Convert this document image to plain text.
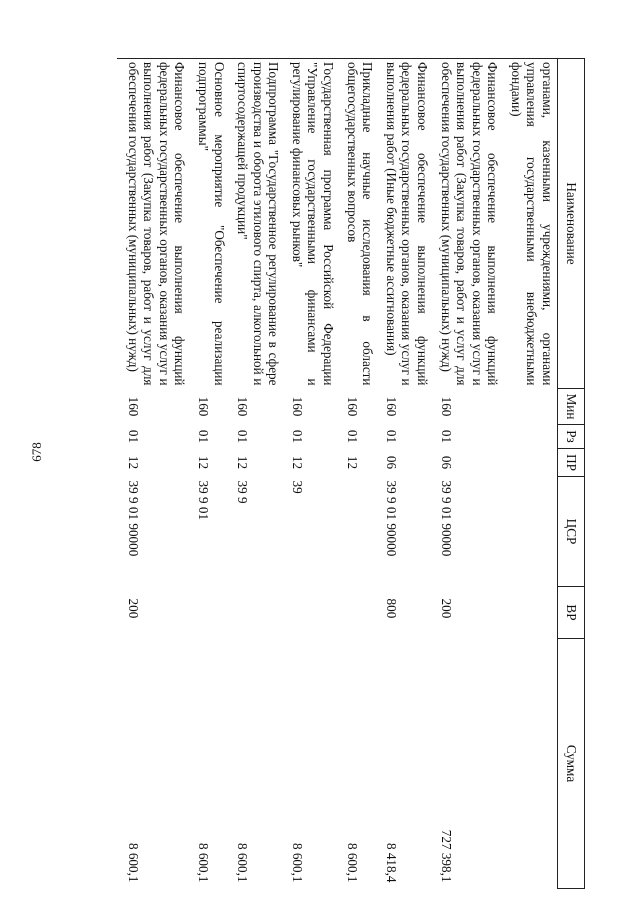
678
Наименование	Мин	Рз	ПР	ЦСР	ВР	Сумма
органами, казенными учреждениями, органами управления государственными внебюджетными фондами)						
Финансовое обеспечение выполнения функций федеральных государственных органов, оказания услуг и выполнения работ (Закупка товаров, работ и услуг для обеспечения государственных (муниципальных) нужд)	160	01	06	39 9 01 90000	200	727 398,1
Финансовое обеспечение выполнения функций федеральных государственных органов, оказания услуг и выполнения работ (Иные бюджетные ассигнования)	160	01	06	39 9 01 90000	800	8 418,4
Прикладные научные исследования в области общегосударственных вопросов	160	01	12			8 600,1
Государственная программа Российской Федерации "Управление государственными финансами и регулирование финансовых рынков"	160	01	12	39		8 600,1
Подпрограмма "Государственное регулирование в сфере производства и оборота этилового спирта, алкогольной и спиртосодержащей продукции"	160	01	12	39 9		8 600,1
Основное мероприятие "Обеспечение реализации подпрограммы"	160	01	12	39 9 01		8 600,1
Финансовое обеспечение выполнения функций федеральных государственных органов, оказания услуг и выполнения работ (Закупка товаров, работ и услуг для обеспечения государственных (муниципальных) нужд)	160	01	12	39 9 01 90000	200	8 600,1
